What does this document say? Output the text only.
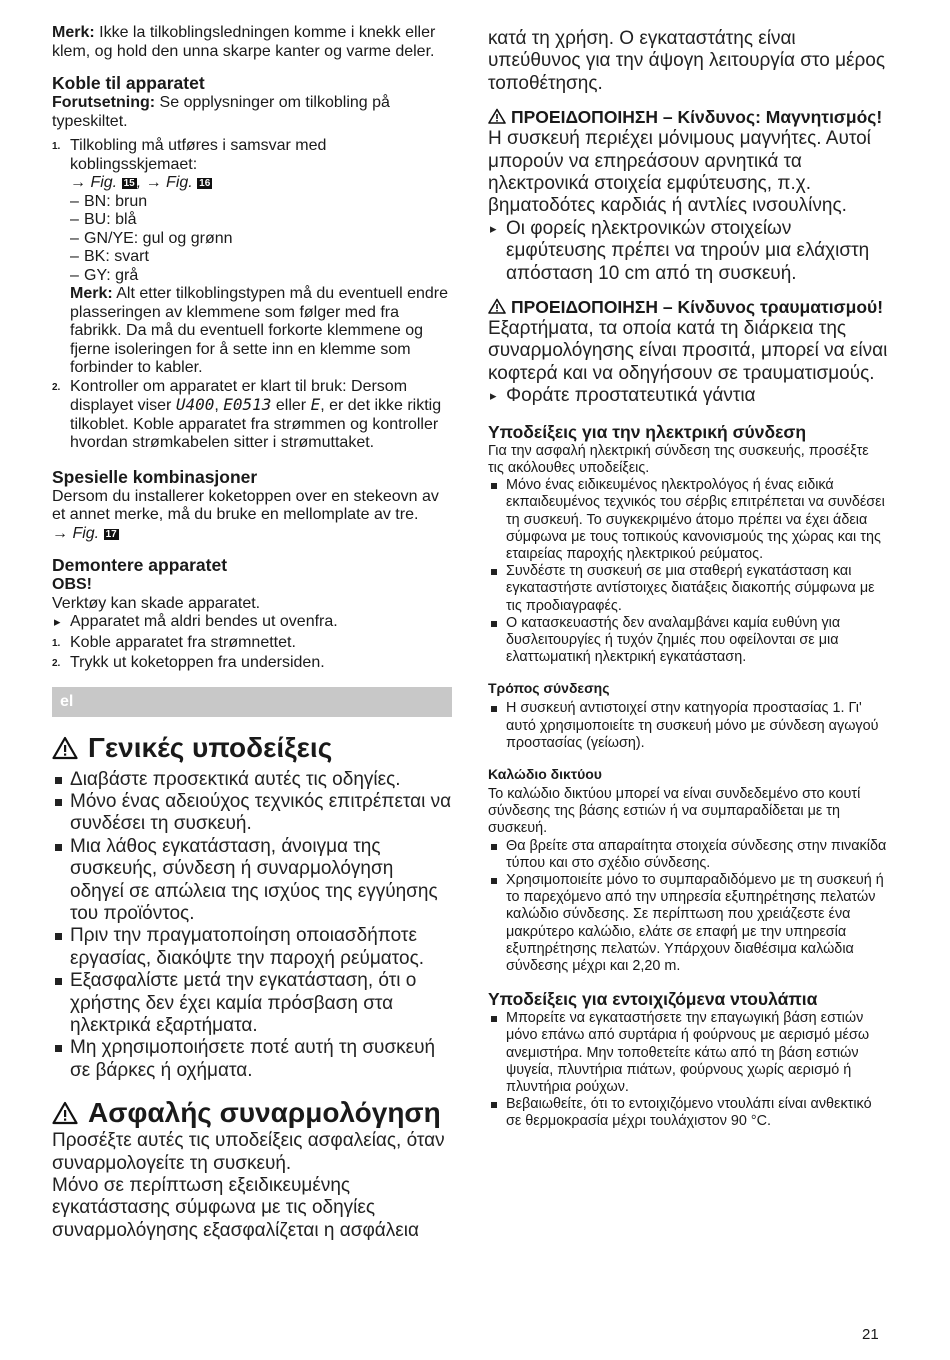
Merk: Ikke la tilkoblingsledningen komme i knekk eller klem, og hold den unna skarpe kanter og varme deler.

Koble til apparatet

Forutsetning: Se opplysninger om tilkobling på typeskiltet.

1. Tilkobling må utføres i samsvar med koblingsskjemaet:
→ Fig. 15 , → Fig. 16
– BN: brun
– BU: blå
– GN/YE: gul og grønn
– BK: svart
– GY: grå

Merk: Alt etter tilkoblingstypen må du eventuell endre plasseringen av klemmene som følger med fra fabrikk. Da må du eventuell forkorte klemmene og fjerne isoleringen for å sette inn en klemme som forbinder to kabler.

2. Kontroller om apparatet er klart til bruk: Dersom displayet viser U400, E0513 eller E, er det ikke riktig tilkoblet. Koble apparatet fra strømmen og kontroller hvordan strømkabelen sitter i strømuttaket.
Spesielle kombinasjoner

Dersom du installerer koketoppen over en stekeovn av et annet merke, må du bruke en mellomplate av tre.

→ Fig. 17

Demontere apparatet

OBS!

Verktøy kan skade apparatet.

▸ Apparatet må aldri bendes ut ovenfra.
1. Koble apparatet fra strømnettet.
2. Trykk ut koketoppen fra undersiden.
el
Γενικές υποδείξεις
Διαβάστε προσεκτικά αυτές τις οδηγίες.
Μόνο ένας αδειούχος τεχνικός επιτρέπεται να συνδέσει τη συσκευή.
Μια λάθος εγκατάσταση, άνοιγμα της συσκευής, σύνδεση ή συναρμολόγηση οδηγεί σε απώλεια της ισχύος της εγγύησης του προϊόντος.
Πριν την πραγματοποίηση οποιασδήποτε εργασίας, διακόψτε την παροχή ρεύματος.
Εξασφαλίστε μετά την εγκατάσταση, ότι ο χρήστης δεν έχει καμία πρόσβαση στα ηλεκτρικά εξαρτήματα.
Μη χρησιμοποιήσετε ποτέ αυτή τη συσκευή σε βάρκες ή οχήματα.
Ασφαλής συναρμολόγηση

Προσέξτε αυτές τις υποδείξεις ασφαλείας, όταν συναρμολογείτε τη συσκευή.

Μόνο σε περίπτωση εξειδικευμένης εγκατάστασης σύμφωνα με τις οδηγίες συναρμολόγησης εξασφαλίζεται η ασφάλεια

κατά τη χρήση. Ο εγκαταστάτης είναι υπεύθυνος για την άψογη λειτουργία στο μέρος τοποθέτησης.

ΠΡΟΕΙΔΟΠΟΙΗΣΗ – Κίνδυνος: Μαγνητισμός!

Η συσκευή περιέχει μόνιμους μαγνήτες. Αυτοί μπορούν να επηρεάσουν αρνητικά τα ηλεκτρονικά στοιχεία εμφύτευσης, π.χ. βηματοδότες καρδιάς ή αντλίες ινσουλίνης.

▸ Οι φορείς ηλεκτρονικών στοιχείων εμφύτευσης πρέπει να τηρούν μια ελάχιστη απόσταση 10 cm από τη συσκευή.
ΠΡΟΕΙΔΟΠΟΙΗΣΗ – Κίνδυνος τραυματισμού!

Εξαρτήματα, τα οποία κατά τη διάρκεια της συναρμολόγησης είναι προσιτά, μπορεί να είναι κοφτερά και να οδηγήσουν σε τραυματισμούς.

▸ Φοράτε προστατευτικά γάντια
Υποδείξεις για την ηλεκτρική σύνδεση

Για την ασφαλή ηλεκτρική σύνδεση της συσκευής, προσέξτε τις ακόλουθες υποδείξεις.

Μόνο ένας ειδικευμένος ηλεκτρολόγος ή ένας ειδικά εκπαιδευμένος τεχνικός του σέρβις επιτρέπεται να συνδέσει τη συσκευή. Το συγκεκριμένο άτομο πρέπει να έχει άδεια σύμφωνα με τους τοπικούς κανονισμούς της χώρας και της εταιρείας παροχής ηλεκτρικού ρεύματος.
Συνδέστε τη συσκευή σε μια σταθερή εγκατάσταση και εγκαταστήστε αντίστοιχες διατάξεις διακοπής σύμφωνα με τις προδιαγραφές.
Ο κατασκευαστής δεν αναλαμβάνει καμία ευθύνη για δυσλειτουργίες ή τυχόν ζημιές που οφείλονται σε μια ελαττωματική ηλεκτρική εγκατάσταση.
Τρόπος σύνδεσης
Η συσκευή αντιστοιχεί στην κατηγορία προστασίας 1. Γι' αυτό χρησιμοποιείτε τη συσκευή μόνο με σύνδεση αγωγού προστασίας (γείωση).
Καλώδιο δικτύου

Το καλώδιο δικτύου μπορεί να είναι συνδεδεμένο στο κουτί σύνδεσης της βάσης εστιών ή να συμπαραδίδεται με τη συσκευή.

Θα βρείτε στα απαραίτητα στοιχεία σύνδεσης στην πινακίδα τύπου και στο σχέδιο σύνδεσης.
Χρησιμοποιείτε μόνο το συμπαραδιδόμενο με τη συσκευή ή το παρεχόμενο από την υπηρεσία εξυπηρέτησης πελατών καλώδιο σύνδεσης. Σε περίπτωση που χρειάζεστε ένα μακρύτερο καλώδιο, ελάτε σε επαφή με την υπηρεσία εξυπηρέτησης πελατών. Υπάρχουν διαθέσιμα καλώδια σύνδεσης μέχρι και 2,20 m.
Υποδείξεις για εντοιχιζόμενα ντουλάπια
Μπορείτε να εγκαταστήσετε την επαγωγική βάση εστιών μόνο επάνω από συρτάρια ή φούρνους με αερισμό μέσω ανεμιστήρα. Μην τοποθετείτε κάτω από τη βάση εστιών ψυγεία, πλυντήρια πιάτων, φούρνους χωρίς αερισμό ή πλυντήρια ρούχων.
Βεβαιωθείτε, ότι το εντοιχιζόμενο ντουλάπι είναι ανθεκτικό σε θερμοκρασία μέχρι τουλάχιστον 90 °C.
21
